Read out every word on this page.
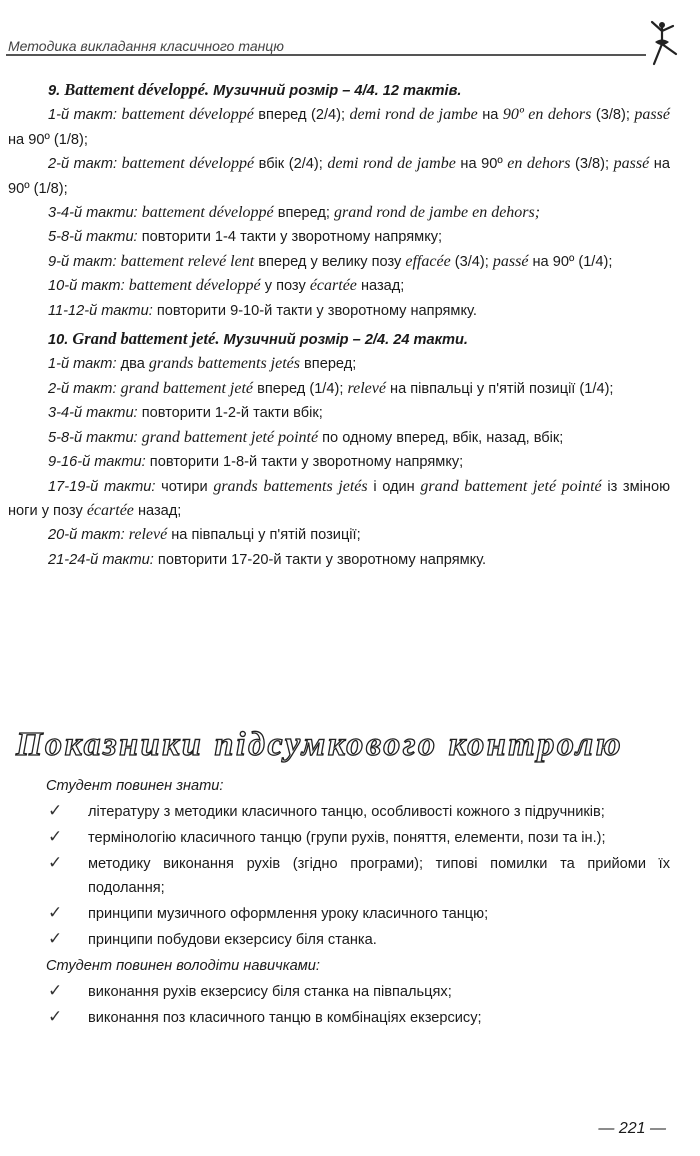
Методика викладання класичного танцю

9. Battement développé. Музичний розмір – 4/4. 12 тактів.

1-й такт: battement développé вперед (2/4); demi rond de jambe на 90º en dehors (3/8); passé на 90º (1/8);

2-й такт: battement développé вбік (2/4); demi rond de jambe на 90º en dehors (3/8); passé на 90º (1/8);

3-4-й такти: battement développé вперед; grand rond de jambe en dehors;

5-8-й такти: повторити 1-4 такти у зворотному напрямку;

9-й такт: battement relevé lent вперед у велику позу effacée (3/4); passé на 90º (1/4);

10-й такт: battement développé у позу écartée назад;

11-12-й такти: повторити 9-10-й такти у зворотному напрямку.

10. Grand battement jeté. Музичний розмір – 2/4. 24 такти.

1-й такт: два grands battements jetés вперед;

2-й такт: grand battement jeté вперед (1/4); relevé на півпальці у п'ятій позиції (1/4);

3-4-й такти: повторити 1-2-й такти вбік;

5-8-й такти: grand battement jeté pointé по одному вперед, вбік, назад, вбік;

9-16-й такти: повторити 1-8-й такти у зворотному напрямку;

17-19-й такти: чотири grands battements jetés і один grand battement jeté pointé із зміною ноги у позу écartée назад;

20-й такт: relevé на півпальці у п'ятій позиції;

21-24-й такти: повторити 17-20-й такти у зворотному напрямку.

Показники підсумкового контролю

Студент повинен знати:

✓ літературу з методики класичного танцю, особливості кожного з підручників;
✓ термінологію класичного танцю (групи рухів, поняття, елементи, пози та ін.);
✓ методику виконання рухів (згідно програми); типові помилки та прийоми їх подолання;
✓ принципи музичного оформлення уроку класичного танцю;
✓ принципи побудови екзерсису біля станка.

Студент повинен володіти навичками:

✓ виконання рухів екзерсису біля станка на півпальцях;
✓ виконання поз класичного танцю в комбінаціях екзерсису;
— 221 —
